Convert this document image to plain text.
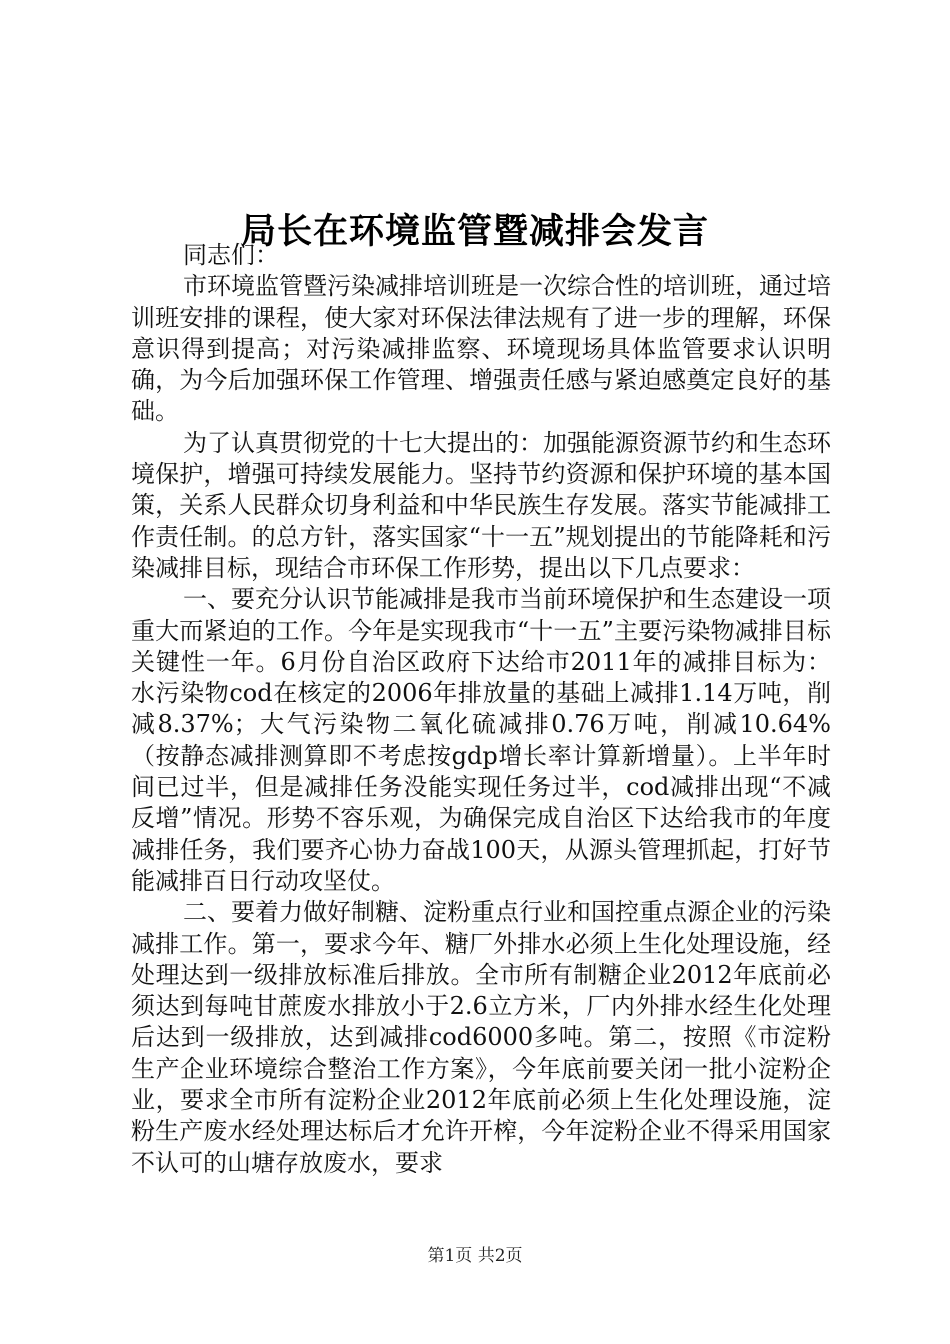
局长在环境监管暨减排会发言

同志们：

市环境监管暨污染减排培训班是一次综合性的培训班，通过培训班安排的课程，使大家对环保法律法规有了进一步的理解，环保意识得到提高；对污染减排监察、环境现场具体监管要求认识明确，为今后加强环保工作管理、增强责任感与紧迫感奠定良好的基础。

为了认真贯彻党的十七大提出的：加强能源资源节约和生态环境保护，增强可持续发展能力。坚持节约资源和保护环境的基本国策，关系人民群众切身利益和中华民族生存发展。落实节能减排工作责任制。的总方针，落实国家“十一五”规划提出的节能降耗和污染减排目标，现结合市环保工作形势，提出以下几点要求：

一、要充分认识节能减排是我市当前环境保护和生态建设一项重大而紧迫的工作。今年是实现我市“十一五”主要污染物减排目标关键性一年。6月份自治区政府下达给市2011年的减排目标为：水污染物cod在核定的2006年排放量的基础上减排1.14万吨，削减8.37%；大气污染物二氧化硫减排0.76万吨，削减10.64%（按静态减排测算即不考虑按gdp增长率计算新增量）。上半年时间已过半，但是减排任务没能实现任务过半，cod减排出现“不减反增”情况。形势不容乐观，为确保完成自治区下达给我市的年度减排任务，我们要齐心协力奋战100天，从源头管理抓起，打好节能减排百日行动攻坚仗。

二、要着力做好制糖、淀粉重点行业和国控重点源企业的污染减排工作。第一，要求今年、糖厂外排水必须上生化处理设施，经处理达到一级排放标准后排放。全市所有制糖企业2012年底前必须达到每吨甘蔗废水排放小于2.6立方米，厂内外排水经生化处理后达到一级排放，达到减排cod6000多吨。第二，按照《市淀粉生产企业环境综合整治工作方案》，今年底前要关闭一批小淀粉企业，要求全市所有淀粉企业2012年底前必须上生化处理设施，淀粉生产废水经处理达标后才允许开榨，今年淀粉企业不得采用国家不认可的山塘存放废水，要求

第1页 共2页
